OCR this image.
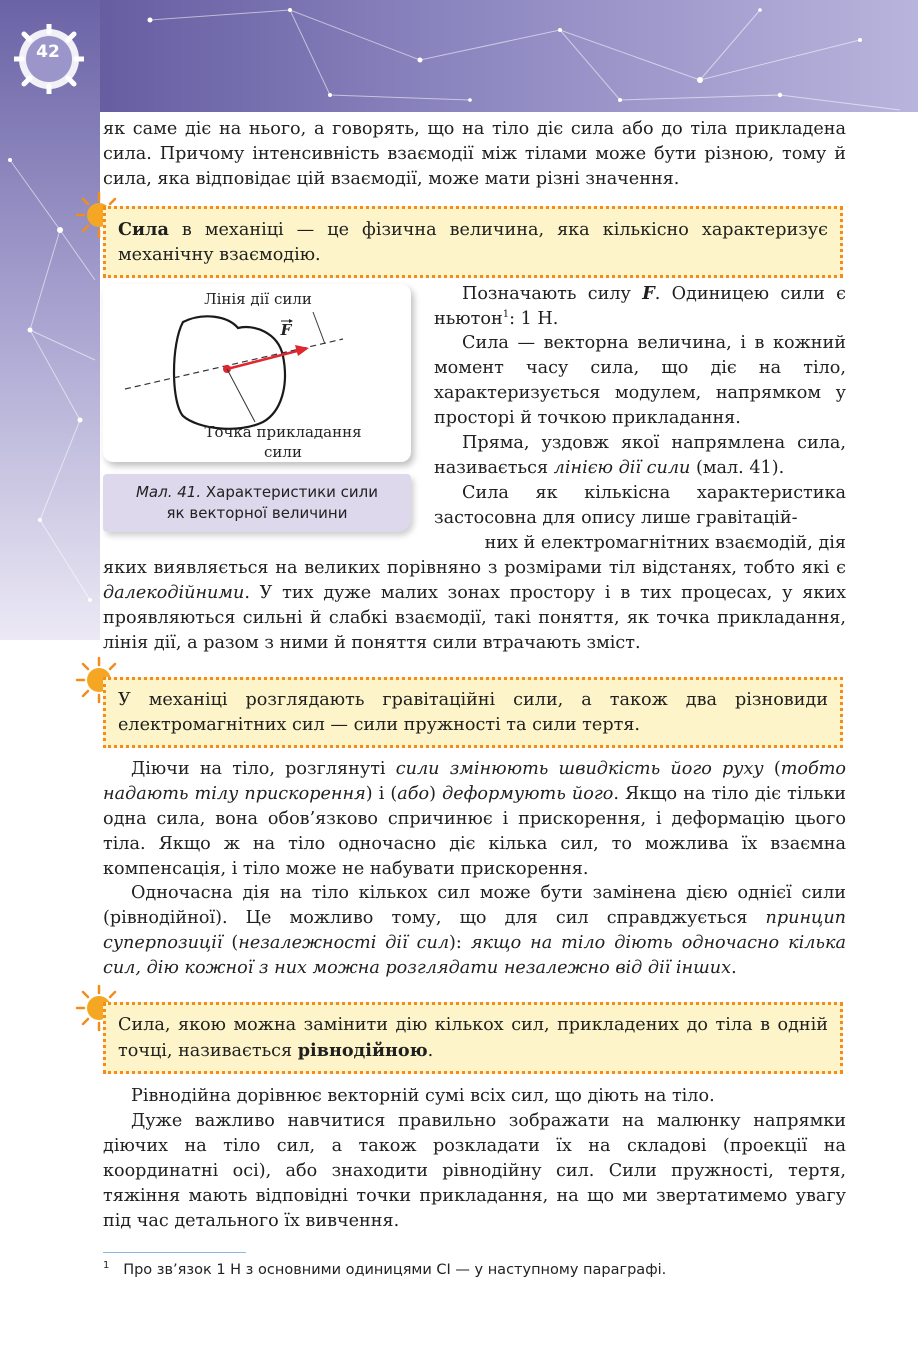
42

як саме діє на нього, а говорять, що на тіло діє сила або до тіла прикладена сила. Причому інтенсивність взаємодії між тілами може бути різною, тому й сила, яка відповідає цій взаємодії, може мати різні значення.

Сила в механіці — це фізична величина, яка кількісно характеризує механічну взаємодію.
Лінія дії сили
F
Точка прикладання
сили
Мал. 41. Характеристики сили
як векторної величини

Позначають силу F. Одиницею сили є ньютон$^1$: 1 Н.

Сила — векторна величина, і в кожний момент часу сила, що діє на тіло, характеризується модулем, напрямком у просторі й точкою прикладання.

Пряма, уздовж якої напрямлена сила, називається лінією дії сили (мал. 41).

Сила як кількісна характеристика застосовна для опису лише гравітацій-

них й електромагнітних взаємодій, дія

яких виявляється на великих порівняно з розмірами тіл відстанях, тобто які є далекодійними. У тих дуже малих зонах простору і в тих процесах, у яких проявляються сильні й слабкі взаємодії, такі поняття, як точка прикладання, лінія дії, а разом з ними й поняття сили втрачають зміст.

У механіці розглядають гравітаційні сили, а також два різновиди електромагнітних сил — сили пружності та сили тертя.

Діючи на тіло, розглянуті сили змінюють швидкість його руху (тобто надають тілу прискорення) і (або) деформують його. Якщо на тіло діє тільки одна сила, вона обов’язково спричинює і прискорення, і деформацію цього тіла. Якщо ж на тіло одночасно діє кілька сил, то можлива їх взаємна компенсація, і тіло може не набувати прискорення.

Одночасна дія на тіло кількох сил може бути замінена дією однієї сили (рівнодійної). Це можливо тому, що для сил справджується принцип суперпозиції (незалежності дії сил): якщо на тіло діють одночасно кілька сил, дію кожної з них можна розглядати незалежно від дії інших.

Сила, якою можна замінити дію кількох сил, прикладених до тіла в одній точці, називається рівнодійною.

Рівнодійна дорівнює векторній сумі всіх сил, що діють на тіло.

Дуже важливо навчитися правильно зображати на малюнку напрямки діючих на тіло сил, а також розкладати їх на складові (проекції на координатні осі), або знаходити рівнодійну сил. Сили пружності, тертя, тяжіння мають відповідні точки прикладання, на що ми звертатимемо увагу під час детального їх вивчення.

$^1$ Про зв’язок 1 Н з основними одиницями СІ — у наступному параграфі.
